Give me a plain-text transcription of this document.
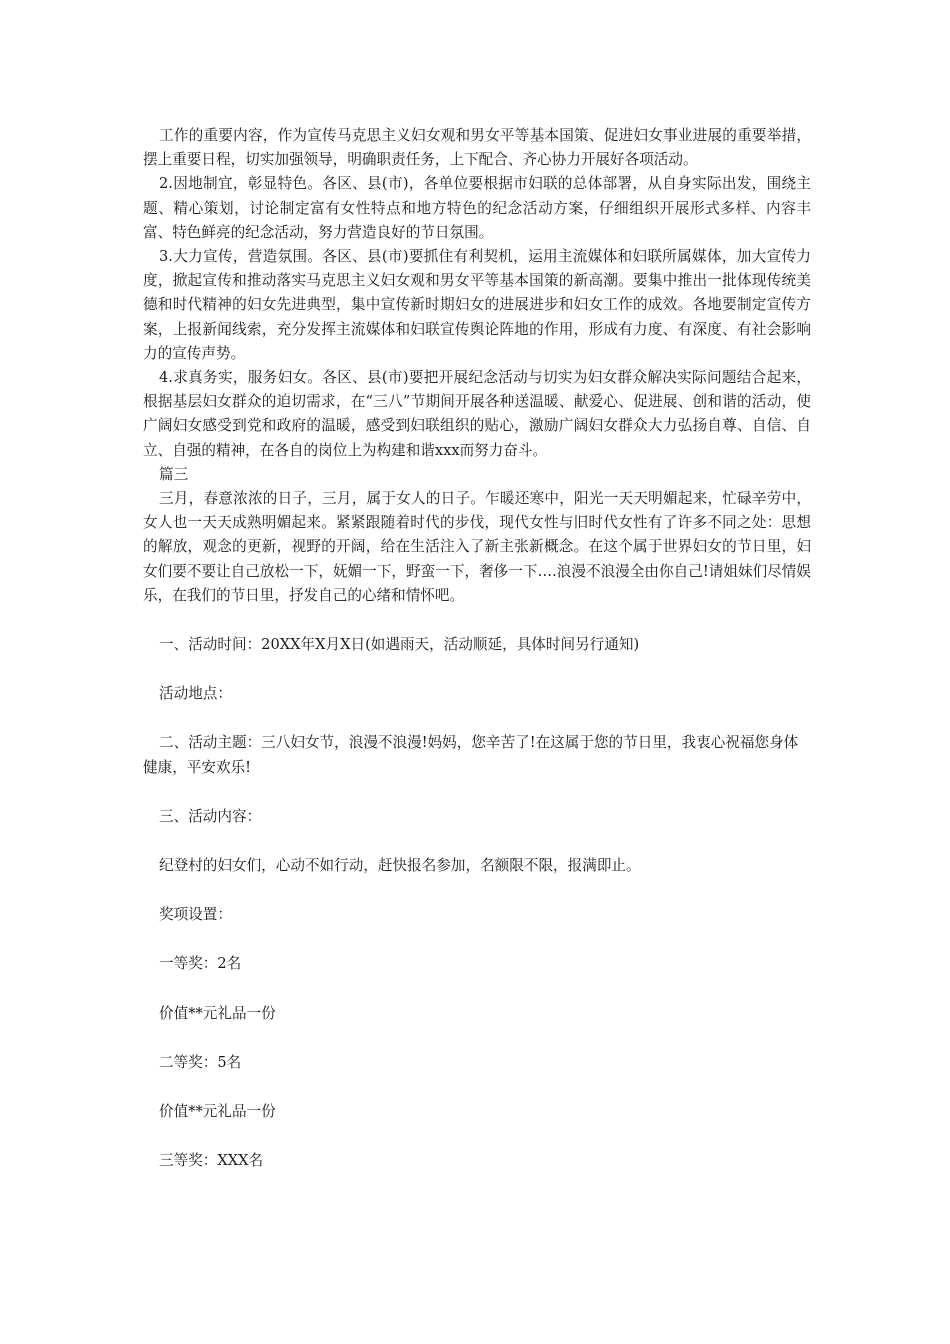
工作的重要内容，作为宣传马克思主义妇女观和男女平等基本国策、促进妇女事业进展的重要举措，摆上重要日程，切实加强领导，明确职责任务，上下配合、齐心协力开展好各项活动。

2.因地制宜，彰显特色。各区、县(市)，各单位要根据市妇联的总体部署，从自身实际出发，围绕主题、精心策划，讨论制定富有女性特点和地方特色的纪念活动方案，仔细组织开展形式多样、内容丰富、特色鲜亮的纪念活动，努力营造良好的节日氛围。

3.大力宣传，营造氛围。各区、县(市)要抓住有利契机，运用主流媒体和妇联所属媒体，加大宣传力度，掀起宣传和推动落实马克思主义妇女观和男女平等基本国策的新高潮。要集中推出一批体现传统美德和时代精神的妇女先进典型，集中宣传新时期妇女的进展进步和妇女工作的成效。各地要制定宣传方案，上报新闻线索，充分发挥主流媒体和妇联宣传舆论阵地的作用，形成有力度、有深度、有社会影响力的宣传声势。

4.求真务实，服务妇女。各区、县(市)要把开展纪念活动与切实为妇女群众解决实际问题结合起来，根据基层妇女群众的迫切需求，在“三八”节期间开展各种送温暖、献爱心、促进展、创和谐的活动，使广阔妇女感受到党和政府的温暖，感受到妇联组织的贴心，激励广阔妇女群众大力弘扬自尊、自信、自立、自强的精神，在各自的岗位上为构建和谐xxx而努力奋斗。

篇三

三月，春意浓浓的日子，三月，属于女人的日子。乍暖还寒中，阳光一天天明媚起来，忙碌辛劳中，女人也一天天成熟明媚起来。紧紧跟随着时代的步伐，现代女性与旧时代女性有了许多不同之处：思想的解放，观念的更新，视野的开阔，给在生活注入了新主张新概念。在这个属于世界妇女的节日里，妇女们要不要让自己放松一下，妩媚一下，野蛮一下，奢侈一下….浪漫不浪漫全由你自己!请姐妹们尽情娱乐，在我们的节日里，抒发自己的心绪和情怀吧。

一、活动时间：20XX年X月X日(如遇雨天，活动顺延，具体时间另行通知)

活动地点：

二、活动主题：三八妇女节，浪漫不浪漫!妈妈，您辛苦了!在这属于您的节日里，我衷心祝福您身体健康，平安欢乐!

三、活动内容：

纪登村的妇女们，心动不如行动，赶快报名参加，名额限不限，报满即止。

奖项设置：

一等奖：2名

价值**元礼品一份

二等奖：5名

价值**元礼品一份

三等奖：XXX名
